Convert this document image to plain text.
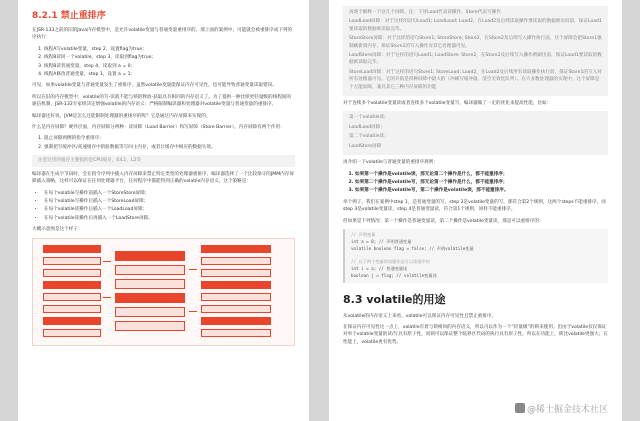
8.2.1 禁止重排序

在JSR-133之前的旧的Java内存模型中，是允许volatile变量与普通变量重排序的。那上面的案例中，可能就会被重排序成下列的序执行：

1. 线程A写volatile变量，step 2，设置flag为true；
2. 线程B读同一个volatile，step 3，读取到flag为true；
3. 线程B读普通变量，step 4，读取到 a = 0；
4. 线程A修改普通变量，step 1，设置 a = 1；

可见，如果volatile变量与普通变量发生了重排序，虽然volatile变量能保证内存可见性，也可能导致普通变量读取错误。

所以在旧的内存模型中，volatile的写-读就不能与锁的释放-获取具有相同的内存语义了。为了提供一种比锁更轻量级的线程间的通信机制，JSR-133专家组决定增强volatile的内存语义：严格限制编译器和处理器对volatile变量与普通变量的重排序。

编译器还好说，JVM是怎么还能限制处理器的重排序的呢？它是通过内存屏障来实现的。

什么是内存屏障？硬件层面，内存屏障分两种：读屏障（Load Barrier）和写屏障（Store Barrier）。内存屏障有两个作用：

1. 阻止屏障两侧的指令重排序；
2. 强制把写缓冲区/高速缓存中的脏数据等写回主内存，或者让缓存中相应的数据失效。
注意这里的缓存主要指的是CPU缓存，如L1，L2等

编译器在生成字节码时，会在指令序列中插入内存屏障来禁止特定类型的处理器重排序。编译器选择了一个比较保守的JMM内存屏障插入策略，这样可以保证在任何处理器平台，任何程序中都能得到正确的volatile内存语义。这个策略是：

• 在每个volatile写操作前插入一个StoreStore屏障；
• 在每个volatile写操作后插入一个StoreLoad屏障；
• 在每个volatile读操作后插入一个LoadLoad屏障；
• 在每个volatile读操作后再插入一个LoadStore屏障。

大概示意图是这个样子：

再逐个解释一下这几个屏障。注：下述Load代表读操作，Store代表写操作

LoadLoad屏障：对于这样的语句Load1; LoadLoad; Load2，在Load2及后续读取操作要读取的数据被访问前，保证Load1要读取的数据被读取完毕。

StoreStore屏障：对于这样的语句Store1; StoreStore; Store2，在Store2及后续写入操作执行前，这个屏障会把Store1强制刷新到内存，保证Store1的写入操作对其它处理器可见。

LoadStore屏障：对于这样的语句Load1; LoadStore; Store2，在Store2及后续写入操作被刷出前，保证Load1要读取的数据被读取完毕。

StoreLoad屏障：对于这样的语句Store1; StoreLoad; Load2，在Load2及后续所有读取操作执行前，保证Store1的写入对所有处理器可见。它的开销是四种屏障中最大的（冲刷写缓冲器，清空无效化队列）。在大多数处理器的实现中，这个屏障是个万能屏障，兼具其它三种内存屏障的功能

对于连续多个volatile变量读或者连续多个volatile变量写，编译器做了一定的优化来提高性能，比如：

第一个volatile读;

LoadLoad屏障；

第二个volatile读；

LoadStore屏障

再介绍一下volatile与普通变量的重排序规则：

1. 如果第一个操作是volatile读，那无论第二个操作是什么，都不能重排序；
2. 如果第二个操作是volatile写，那无论第一个操作是什么，都不能重排序；
3. 如果第一个操作是volatile写，第二个操作是volatile读，那不能重排序。

举个例子，我们在案例中step 1，是普通变量的写，step 2是volatile变量的写，那符合第2个规则，这两个steps不能重排序。而step 3是volatile变量读，step 4是普通变量读，符合第1个规则，同样不能重排序。

但如果是下列情况：第一个操作是普通变量读，第二个操作是volatile变量读，那是可以重排序的：

// 声明变量
int a = 0; // 声明普通变量
volatile boolean flag = false; // 声明volatile变量

// 以下两个变量的读操作是可以重排序的
int i = a; // 普通变量读
boolean j = flag; // volatile变量读
8.3 volatile的用途

从volatile的内存语义上来看，volatile可以保证内存可见性且禁止重排序。

在保证内存可见性这一点上，volatile有着与锁相同的内存语义，所以可以作为一个“轻量级”的锁来使用。但由于volatile仅仅保证对单个volatile变量的读/写具有原子性，而锁可以保证整个临界区代码的执行具有原子性。所以在功能上，锁比volatile更强大；在性能上，volatile更有优势。

@稀土掘金技术社区
